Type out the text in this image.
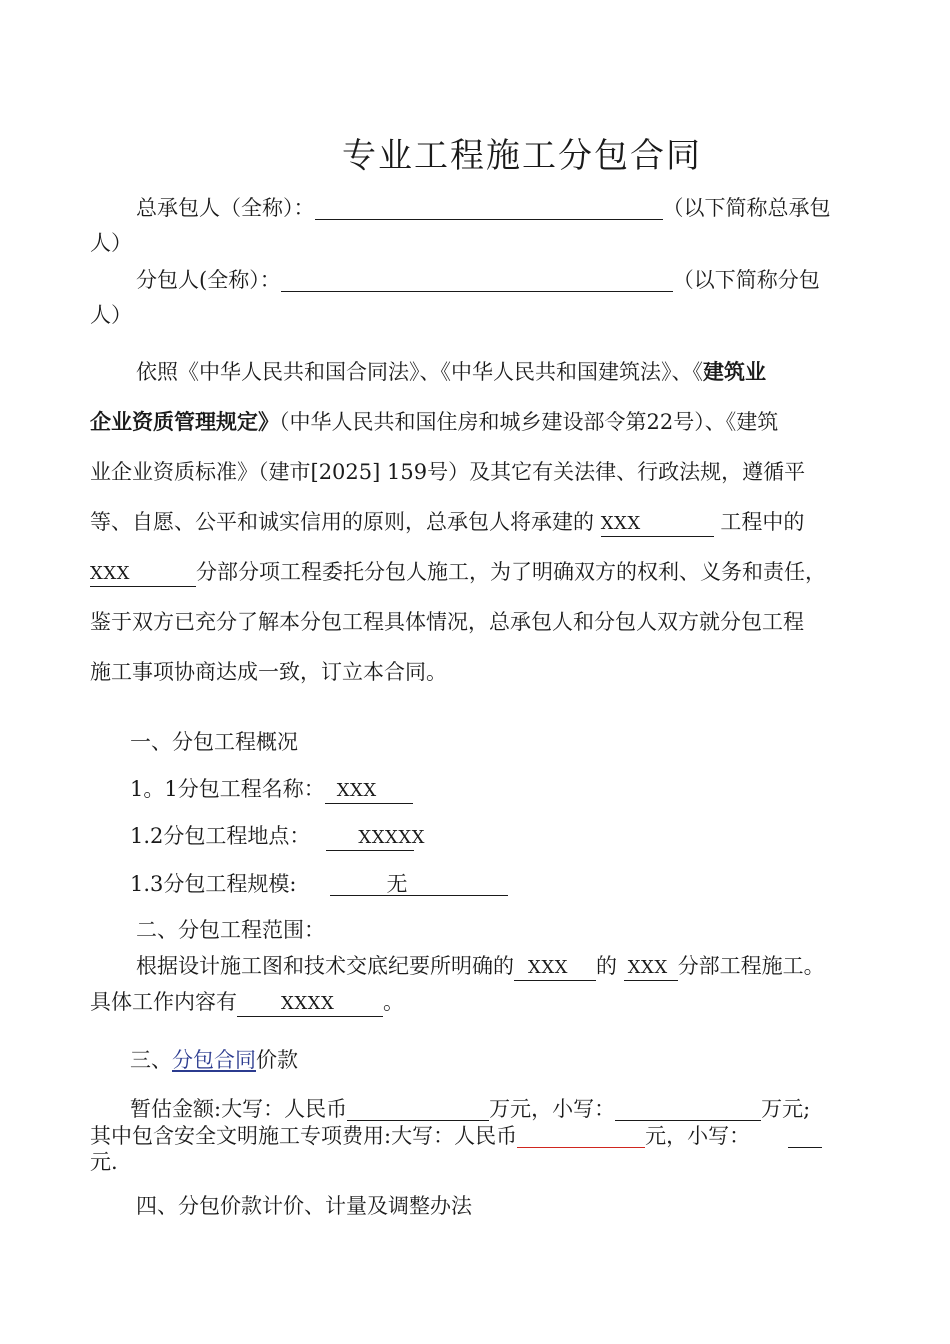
专业工程施工分包合同
总承包人（全称）：	（以下简称总承包
人）
分包人(全称）：	（以下简称分包
人）
依照《中华人民共和国合同法》、《中华人民共和国建筑法》、《建筑业
企业资质管理规定》（中华人民共和国住房和城乡建设部令第22号）、《建筑
业企业资质标准》（建市[2025] 159号）及其它有关法律、行政法规，遵循平
等、自愿、公平和诚实信用的原则，总承包人将承建的 XXX	工程中的
XXX	分部分项工程委托分包人施工，为了明确双方的权利、义务和责任，
鉴于双方已充分了解本分包工程具体情况，总承包人和分包人双方就分包工程
施工事项协商达成一致，订立本合同。
一、分包工程概况
1。1分包工程名称： XXX
1.2分包工程地点：	XXXXX
1.3分包工程规模:	无
二、分包工程范围：
根据设计施工图和技术交底纪要所明确的 XXX 的 XXX 分部工程施工。
具体工作内容有 XXXX 。
三、分包合同价款
暂估金额:大写：人民币	万元，小写：	万元;
其中包含安全文明施工专项费用:大写：人民币	元，小写：
元.
四、分包价款计价、计量及调整办法
